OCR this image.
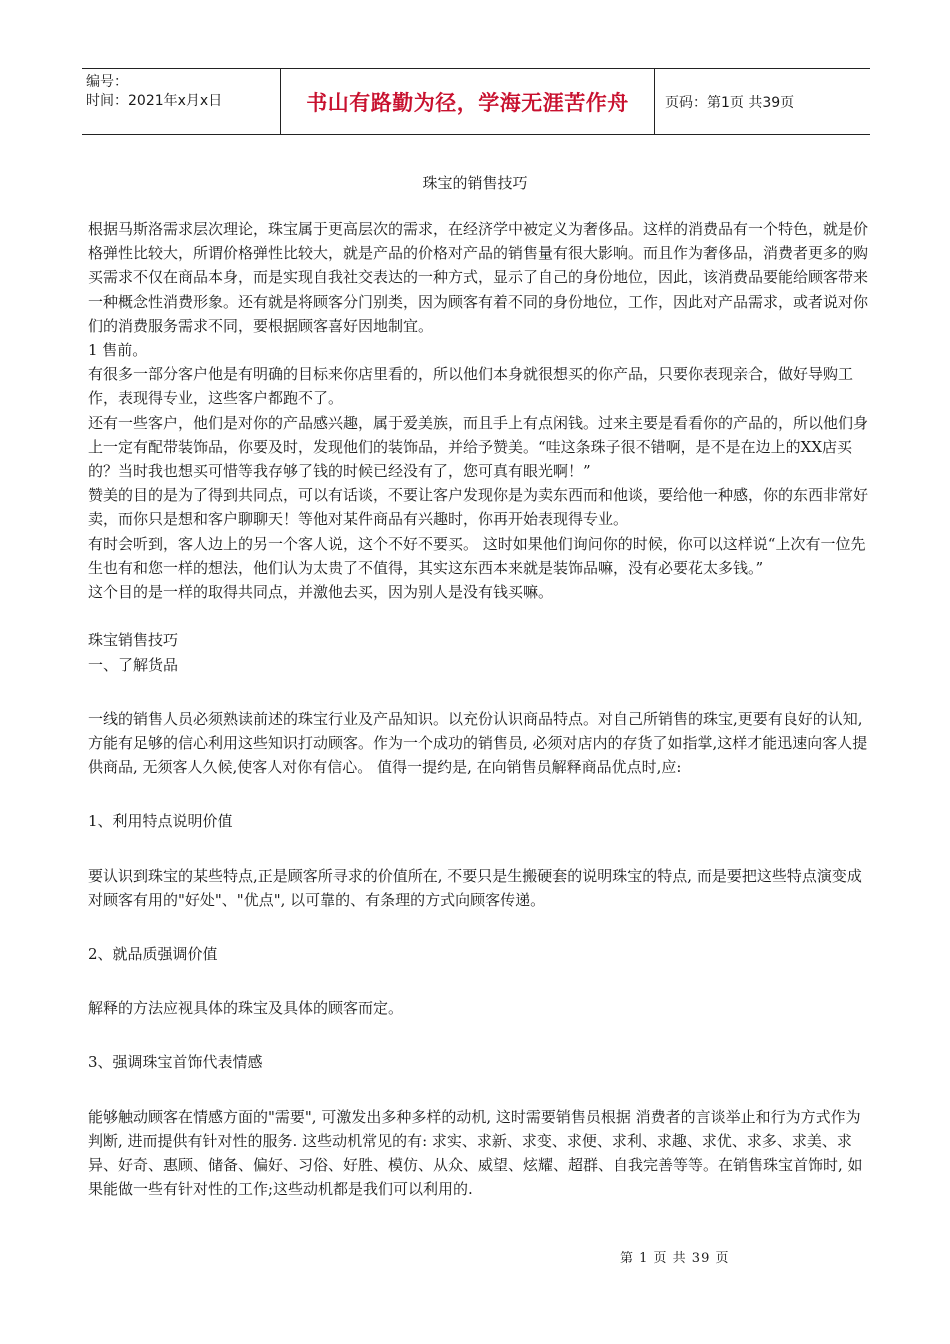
编号：
时间：2021年x月x日	书山有路勤为径，学海无涯苦作舟	页码：第1页 共39页
珠宝的销售技巧

根据马斯洛需求层次理论，珠宝属于更高层次的需求，在经济学中被定义为奢侈品。这样的消费品有一个特色，就是价格弹性比较大，所谓价格弹性比较大，就是产品的价格对产品的销售量有很大影响。而且作为奢侈品，消费者更多的购买需求不仅在商品本身，而是实现自我社交表达的一种方式，显示了自己的身份地位，因此，该消费品要能给顾客带来一种概念性消费形象。还有就是将顾客分门别类，因为顾客有着不同的身份地位，工作，因此对产品需求，或者说对你们的消费服务需求不同，要根据顾客喜好因地制宜。

1 售前。

有很多一部分客户他是有明确的目标来你店里看的，所以他们本身就很想买的你产品，只要你表现亲合，做好导购工作，表现得专业，这些客户都跑不了。

还有一些客户，他们是对你的产品感兴趣，属于爱美族，而且手上有点闲钱。过来主要是看看你的产品的，所以他们身上一定有配带装饰品，你要及时，发现他们的装饰品，并给予赞美。“哇这条珠子很不错啊，是不是在边上的XX店买的？当时我也想买可惜等我存够了钱的时候已经没有了，您可真有眼光啊！”

赞美的目的是为了得到共同点，可以有话谈，不要让客户发现你是为卖东西而和他谈，要给他一种感，你的东西非常好卖，而你只是想和客户聊聊天！等他对某件商品有兴趣时，你再开始表现得专业。

有时会听到，客人边上的另一个客人说，这个不好不要买。 这时如果他们询问你的时候，你可以这样说“上次有一位先生也有和您一样的想法，他们认为太贵了不值得，其实这东西本来就是装饰品嘛，没有必要花太多钱。”

这个目的是一样的取得共同点，并激他去买，因为别人是没有钱买嘛。

珠宝销售技巧

一、了解货品

一线的销售人员必须熟读前述的珠宝行业及产品知识。以充份认识商品特点。对自己所销售的珠宝,更要有良好的认知, 方能有足够的信心利用这些知识打动顾客。作为一个成功的销售员, 必须对店内的存货了如指掌,这样才能迅速向客人提供商品, 无须客人久候,使客人对你有信心。 值得一提约是, 在向销售员解释商品优点时,应:

1、利用特点说明价值

要认识到珠宝的某些特点,正是顾客所寻求的价值所在, 不要只是生搬硬套的说明珠宝的特点, 而是要把这些特点演变成对顾客有用的"好处"、"优点", 以可靠的、有条理的方式向顾客传递。

2、就品质强调价值

解释的方法应视具体的珠宝及具体的顾客而定。

3、强调珠宝首饰代表情感

能够触动顾客在情感方面的"需要", 可激发出多种多样的动机, 这时需要销售员根据 消费者的言谈举止和行为方式作为判断, 进而提供有针对性的服务. 这些动机常见的有: 求实、求新、求变、求便、求利、求趣、求优、求多、求美、求异、好奇、惠顾、储备、偏好、习俗、好胜、模仿、从众、威望、炫耀、超群、自我完善等等。在销售珠宝首饰时, 如果能做一些有针对性的工作;这些动机都是我们可以利用的.

第 1 页 共 39 页
